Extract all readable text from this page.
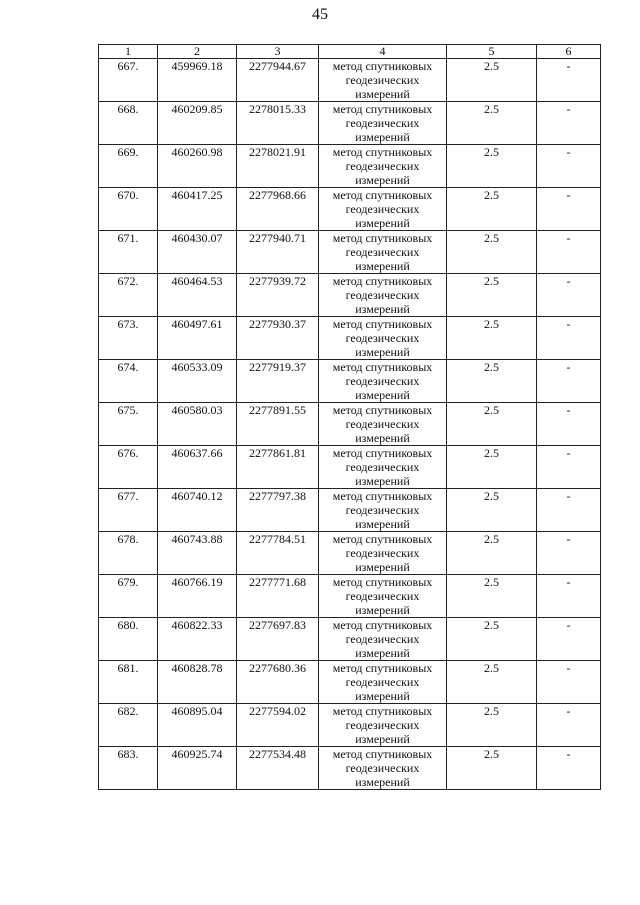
45
1	2	3	4	5	6
667.	459969.18	2277944.67	метод спутниковых
геодезических
измерений	2.5	-
668.	460209.85	2278015.33	метод спутниковых
геодезических
измерений	2.5	-
669.	460260.98	2278021.91	метод спутниковых
геодезических
измерений	2.5	-
670.	460417.25	2277968.66	метод спутниковых
геодезических
измерений	2.5	-
671.	460430.07	2277940.71	метод спутниковых
геодезических
измерений	2.5	-
672.	460464.53	2277939.72	метод спутниковых
геодезических
измерений	2.5	-
673.	460497.61	2277930.37	метод спутниковых
геодезических
измерений	2.5	-
674.	460533.09	2277919.37	метод спутниковых
геодезических
измерений	2.5	-
675.	460580.03	2277891.55	метод спутниковых
геодезических
измерений	2.5	-
676.	460637.66	2277861.81	метод спутниковых
геодезических
измерений	2.5	-
677.	460740.12	2277797.38	метод спутниковых
геодезических
измерений	2.5	-
678.	460743.88	2277784.51	метод спутниковых
геодезических
измерений	2.5	-
679.	460766.19	2277771.68	метод спутниковых
геодезических
измерений	2.5	-
680.	460822.33	2277697.83	метод спутниковых
геодезических
измерений	2.5	-
681.	460828.78	2277680.36	метод спутниковых
геодезических
измерений	2.5	-
682.	460895.04	2277594.02	метод спутниковых
геодезических
измерений	2.5	-
683.	460925.74	2277534.48	метод спутниковых
геодезических
измерений	2.5	-
